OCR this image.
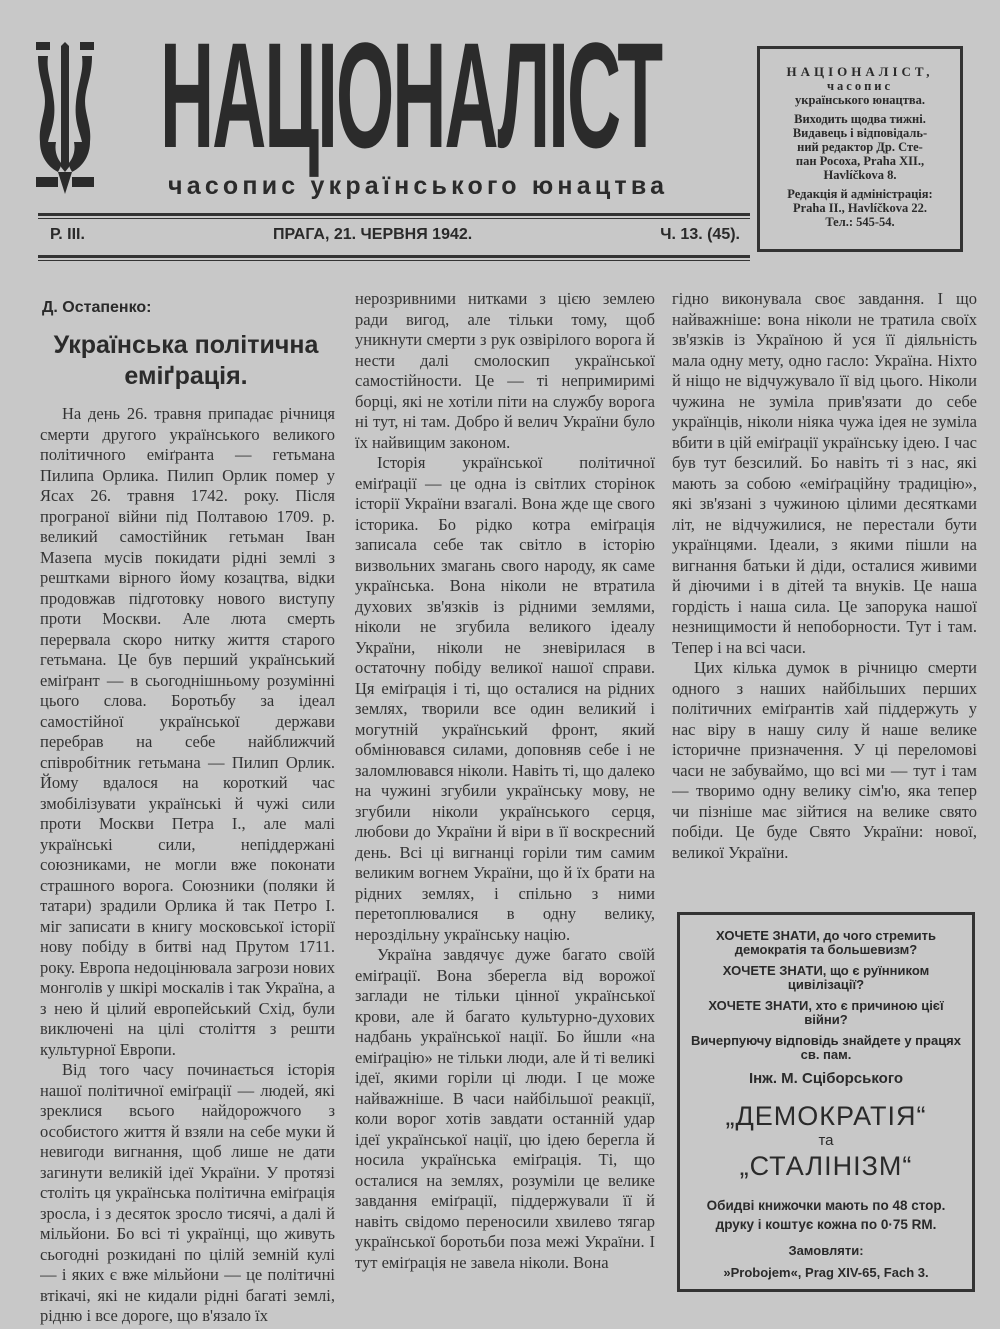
НАЦІОНАЛІСТ
часопис українського юнацтва
Р. III.	ПРАГА, 21. ЧЕРВНЯ 1942.	Ч. 13. (45).
НАЦІОНАЛІСТ,
часопис
українського юнацтва.
Виходить щодва тижні.
Видавець і відповідаль-
ний редактор Др. Сте-
пан Росоха, Praha XII.,
Havlíčkova 8.
Редакція й адміністрація:
Praha II., Havlíčkova 22.
Тел.: 545-54.
Д. Остапенко:
Українська політична еміґрація.

На день 26. травня припадає річниця смерти другого українського великого політичного еміґранта — гетьмана Пилипа Орлика. Пилип Орлик помер у Ясах 26. травня 1742. року. Після програної війни під Полтавою 1709. р. великий самостійник гетьман Іван Мазепа мусів покидати рідні землі з рештками вірного йому козацтва, відки продовжав підготовку нового виступу проти Москви. Але люта смерть перервала скоро нитку життя старого гетьмана. Це був перший український еміґрант — в сьогоднішньому розумінні цього слова. Боротьбу за ідеал самостійної української держави перебрав на себе найближчий співробітник гетьмана — Пилип Орлик. Йому вдалося на короткий час змобілізувати українські й чужі сили проти Москви Петра I., але малі українські сили, непіддержані союзниками, не могли вже поконати страшного ворога. Союзники (поляки й татари) зрадили Орлика й так Петро I. міг записати в книгу московської історії нову побіду в битві над Прутом 1711. року. Европа недоцінювала загрози нових монголів у шкірі москалів і так Україна, а з нею й цілий европейський Схід, були виключені на цілі століття з решти культурної Европи.

Від того часу починається історія нашої політичної еміґрації — людей, які зреклися всього найдорожчого з особистого життя й взяли на себе муки й невигоди вигнання, щоб лише не дати загинути великій ідеї України. У протязі століть ця українська політична еміґрація зросла, і з десяток зросло тисячі, а далі й мільйони. Бо всі ті українці, що живуть сьогодні розкидані по цілій земній кулі — і яких є вже мільйони — це політичні втікачі, які не кидали рідні багаті землі, рідню і все дороге, що в'язало їх

нерозривними нитками з цією землею ради вигод, але тільки тому, щоб уникнути смерти з рук озвірілого ворога й нести далі смолоскип української самостійности. Це — ті непримиримі борці, які не хотіли піти на службу ворога ні тут, ні там. Добро й велич України було їх найвищим законом.

Історія української політичної еміґрації — це одна із світлих сторінок історії України взагалі. Вона жде ще свого історика. Бо рідко котра еміґрація записала себе так світло в історію визвольних змагань свого народу, як саме українська. Вона ніколи не втратила духових зв'язків із рідними землями, ніколи не згубила великого ідеалу України, ніколи не зневірилася в остаточну побіду великої нашої справи. Ця еміґрація і ті, що осталися на рідних землях, творили все один великий і могутній український фронт, який обмінювався силами, доповняв себе і не заломлювався ніколи. Навіть ті, що далеко на чужині згубили українську мову, не згубили ніколи українського серця, любови до України й віри в її воскресний день. Всі ці вигнанці горіли тим самим великим вогнем України, що й їх брати на рідних землях, і спільно з ними перетоплювалися в одну велику, нероздільну українську націю.

Україна завдячує дуже багато своїй еміґрації. Вона зберегла від ворожої заглади не тільки цінної української крови, але й багато культурно-духових надбань української нації. Бо йшли «на еміґрацію» не тільки люди, але й ті великі ідеї, якими горіли ці люди. І це може найважніше. В часи найбільшої реакції, коли ворог хотів завдати останній удар ідеї української нації, цю ідею берегла й носила українська еміґрація. Ті, що осталися на землях, розуміли це велике завдання еміґрації, піддержували її й навіть свідомо переносили хвилево тягар української боротьби поза межі України. І тут еміґрація не завела ніколи. Вона

гідно виконувала своє завдання. І що найважніше: вона ніколи не тратила своїх зв'язків із Україною й уся її діяльність мала одну мету, одно гасло: Україна. Ніхто й ніщо не відчужувало її від цього. Ніколи чужина не зуміла прив'язати до себе українців, ніколи ніяка чужа ідея не зуміла вбити в цій еміґрації українську ідею. І час був тут безсилий. Бо навіть ті з нас, які мають за собою «еміґраційну традицію», які зв'язані з чужиною цілими десятками літ, не відчужилися, не перестали бути українцями. Ідеали, з якими пішли на вигнання батьки й діди, осталися живими й діючими і в дітей та внуків. Це наша гордість і наша сила. Це запорука нашої незнищимости й непоборности. Тут і там. Тепер і на всі часи.

Цих кілька думок в річницю смерти одного з наших найбільших перших політичних еміґрантів хай піддержуть у нас віру в нашу силу й наше велике історичне призначення. У ці переломові часи не забуваймо, що всі ми — тут і там — творимо одну велику сім'ю, яка тепер чи пізніше має зійтися на велике свято побіди. Це буде Свято України: нової, великої України.

ХОЧЕТЕ ЗНАТИ, до чого стремить демократія та большевизм?
ХОЧЕТЕ ЗНАТИ, що є руїнником цивілізації?
ХОЧЕТЕ ЗНАТИ, хто є причиною цієї війни?
Вичерпуючу відповідь знайдете у працях св. пам.
Інж. М. Сціборського
„ДЕМОКРАТІЯ“
та
„СТАЛІНІЗМ“
Обидві книжочки мають по 48 стор. друку і коштує кожна по 0·75 RM.
Замовляти:
»Probojem«, Prag XIV-65, Fach 3.
